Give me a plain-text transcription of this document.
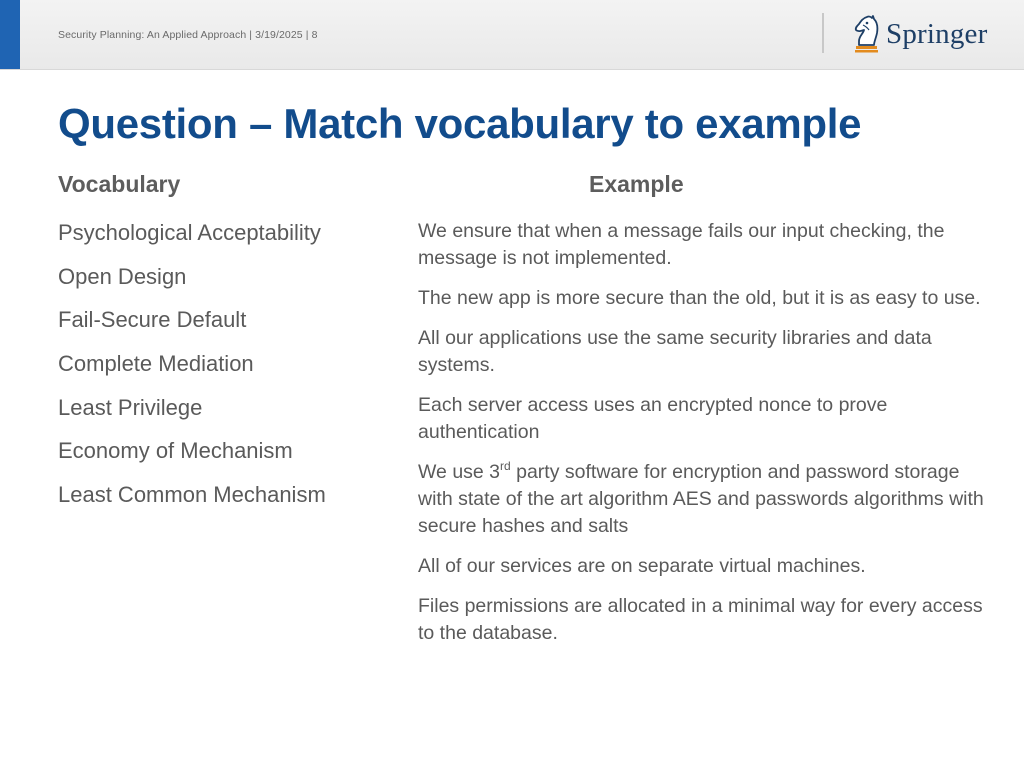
Security Planning: An Applied Approach | 3/19/2025 | 8	Springer
Question – Match vocabulary to example
Vocabulary	Example
Psychological Acceptability
Open Design
Fail-Secure Default
Complete Mediation
Least Privilege
Economy of Mechanism
Least Common Mechanism
We ensure that when a message fails our input checking, the message is not implemented.
The new app is more secure than the old, but it is as easy to use.
All our applications use the same security libraries and data systems.
Each server access uses an encrypted nonce to prove authentication
We use 3rd party software for encryption and password storage with state of the art algorithm AES and passwords algorithms with secure hashes and salts
All of our services are on separate virtual machines.
Files permissions are allocated in a minimal way for every access to the database.
